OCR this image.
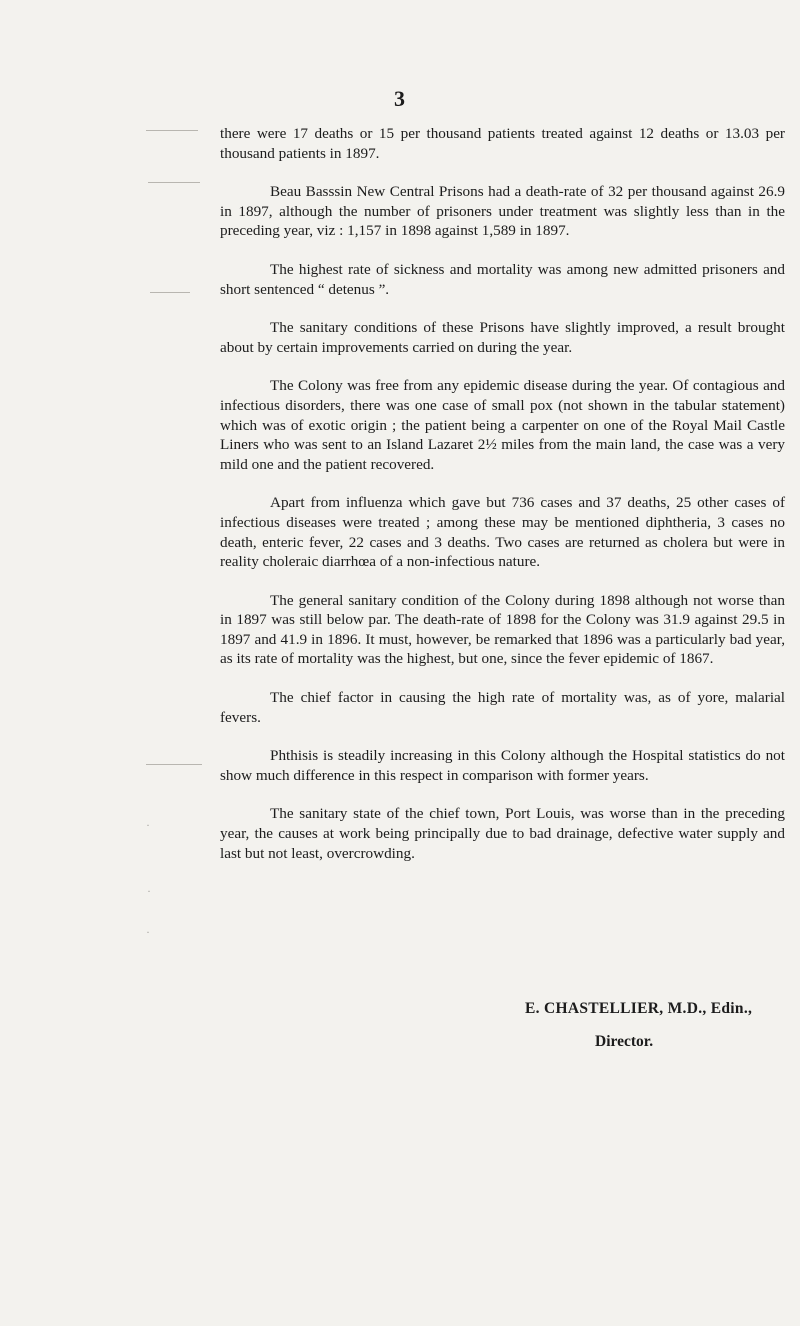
3

there were 17 deaths or 15 per thousand patients treated against 12 deaths or 13.03 per thousand patients in 1897.

Beau Basssin New Central Prisons had a death-rate of 32 per thousand against 26.9 in 1897, although the number of prisoners under treatment was slightly less than in the preceding year, viz : 1,157 in 1898 against 1,589 in 1897.

The highest rate of sickness and mortality was among new admitted prisoners and short sentenced “ detenus ”.

The sanitary conditions of these Prisons have slightly improved, a result brought about by certain improvements carried on during the year.

The Colony was free from any epidemic disease during the year. Of contagious and infectious disorders, there was one case of small pox (not shown in the tabular statement) which was of exotic origin ; the patient being a carpenter on one of the Royal Mail Castle Liners who was sent to an Island Lazaret 2½ miles from the main land, the case was a very mild one and the patient recovered.

Apart from influenza which gave but 736 cases and 37 deaths, 25 other cases of infectious diseases were treated ; among these may be mentioned diphtheria, 3 cases no death, enteric fever, 22 cases and 3 deaths. Two cases are returned as cholera but were in reality choleraic diarrhœa of a non-infectious nature.

The general sanitary condition of the Colony during 1898 although not worse than in 1897 was still below par. The death-rate of 1898 for the Colony was 31.9 against 29.5 in 1897 and 41.9 in 1896. It must, however, be remarked that 1896 was a particularly bad year, as its rate of mortality was the highest, but one, since the fever epidemic of 1867.

The chief factor in causing the high rate of mortality was, as of yore, malarial fevers.

Phthisis is steadily increasing in this Colony although the Hospital statistics do not show much difference in this respect in comparison with former years.

The sanitary state of the chief town, Port Louis, was worse than in the preceding year, the causes at work being principally due to bad drainage, defective water supply and last but not least, overcrowding.

E. CHASTELLIER, M.D., Edin.,
Director.
·
·
·
